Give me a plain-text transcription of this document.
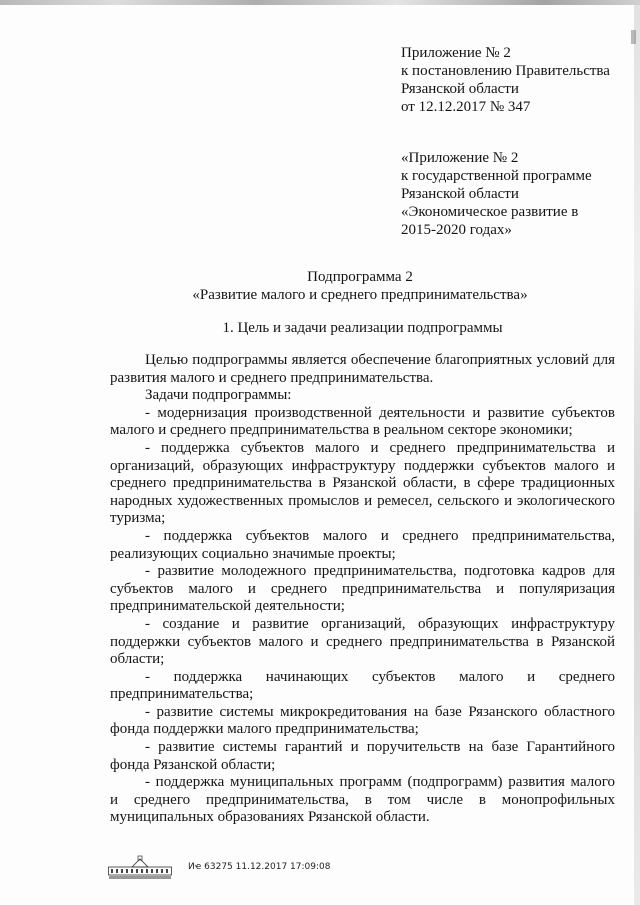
Приложение № 2
к постановлению Правительства
Рязанской области
от 12.12.2017 № 347
«Приложение № 2
к государственной программе
Рязанской области
«Экономическое развитие в
2015-2020 годах»
Подпрограмма 2
«Развитие малого и среднего предпринимательства»
1. Цель и задачи реализации подпрограммы
Целью подпрограммы является обеспечение благоприятных условий для развития малого и среднего предпринимательства.
Задачи подпрограммы:
- модернизация производственной деятельности и развитие субъектов малого и среднего предпринимательства в реальном секторе экономики;
- поддержка субъектов малого и среднего предпринимательства и организаций, образующих инфраструктуру поддержки субъектов малого и среднего предпринимательства в Рязанской области, в сфере традиционных народных художественных промыслов и ремесел, сельского и экологического туризма;
- поддержка субъектов малого и среднего предпринимательства, реализующих социально значимые проекты;
- развитие молодежного предпринимательства, подготовка кадров для субъектов малого и среднего предпринимательства и популяризация предпринимательской деятельности;
- создание и развитие организаций, образующих инфраструктуру поддержки субъектов малого и среднего предпринимательства в Рязанской области;
- поддержка начинающих субъектов малого и среднего предпринимательства;
- развитие системы микрокредитования на базе Рязанского областного фонда поддержки малого предпринимательства;
- развитие системы гарантий и поручительств на базе Гарантийного фонда Рязанской области;
- поддержка муниципальных программ (подпрограмм) развития малого и среднего предпринимательства, в том числе в монопрофильных муниципальных образованиях Рязанской области.
Иҽ 63275 11.12.2017 17:09:08
